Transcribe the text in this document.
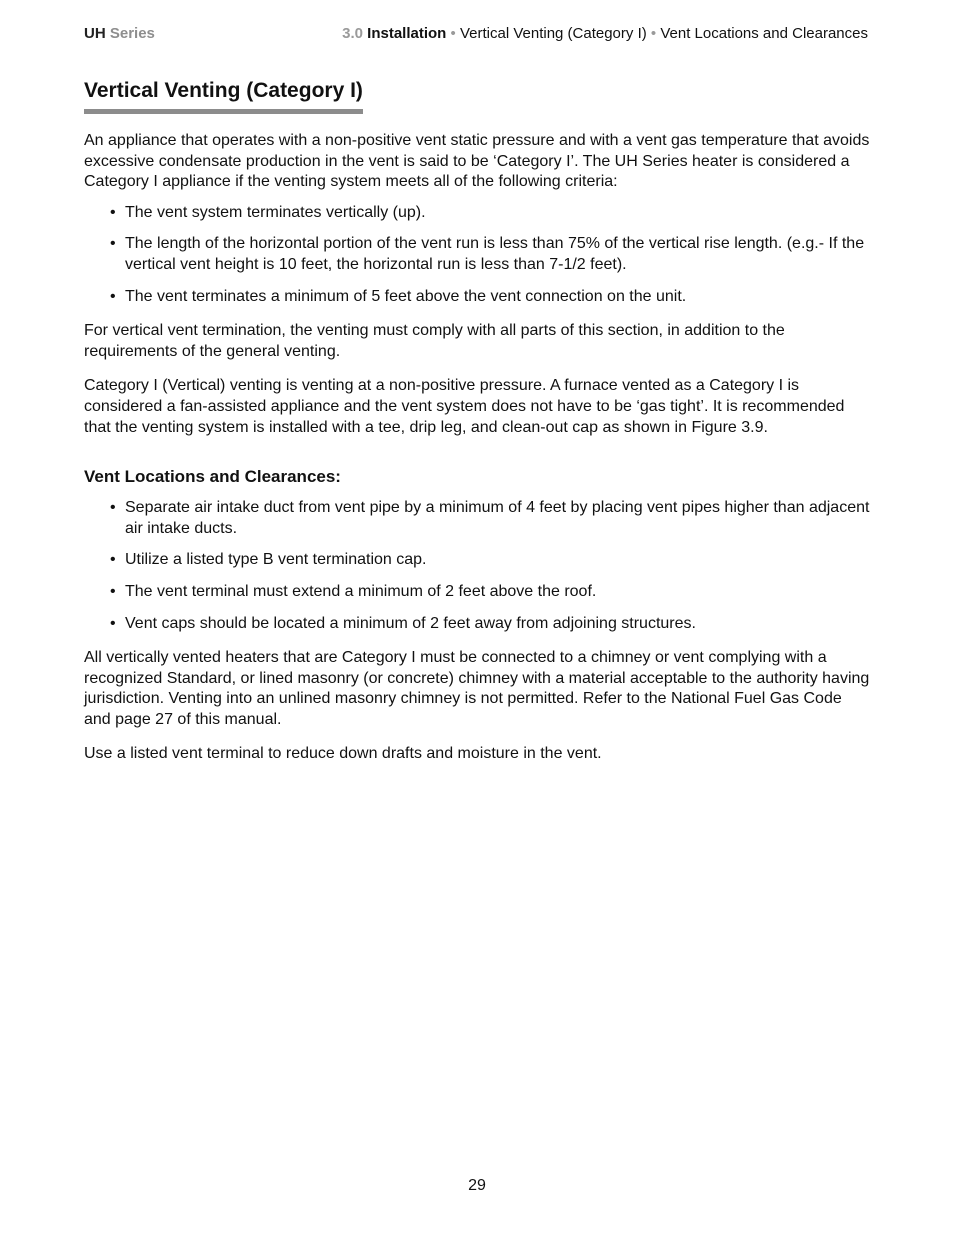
UH Series	3.0 Installation • Vertical Venting (Category I) • Vent Locations and Clearances
Vertical Venting (Category I)

An appliance that operates with a non-positive vent static pressure and with a vent gas temperature that avoids excessive condensate production in the vent is said to be ‘Category I’. The UH Series heater is considered a Category I appliance if the venting system meets all of the following criteria:

• The vent system terminates vertically (up).
• The length of the horizontal portion of the vent run is less than 75% of the vertical rise length. (e.g.- If the vertical vent height is 10 feet, the horizontal run is less than 7-1/2 feet).
• The vent terminates a minimum of 5 feet above the vent connection on the unit.

For vertical vent termination, the venting must comply with all parts of this section, in addition to the requirements of the general venting.

Category I (Vertical) venting is venting at a non-positive pressure. A furnace vented as a Category I is considered a fan-assisted appliance and the vent system does not have to be ‘gas tight’. It is recommended that the venting system is installed with a tee, drip leg, and clean-out cap as shown in Figure 3.9.

Vent Locations and Clearances:
• Separate air intake duct from vent pipe by a minimum of 4 feet by placing vent pipes higher than adjacent air intake ducts.
• Utilize a listed type B vent termination cap.
• The vent terminal must extend a minimum of 2 feet above the roof.
• Vent caps should be located a minimum of 2 feet away from adjoining structures.

All vertically vented heaters that are Category I must be connected to a chimney or vent complying with a recognized Standard, or lined masonry (or concrete) chimney with a material acceptable to the authority having jurisdiction. Venting into an unlined masonry chimney is not permitted. Refer to the National Fuel Gas Code and page 27 of this manual.

Use a listed vent terminal to reduce down drafts and moisture in the vent.

29
